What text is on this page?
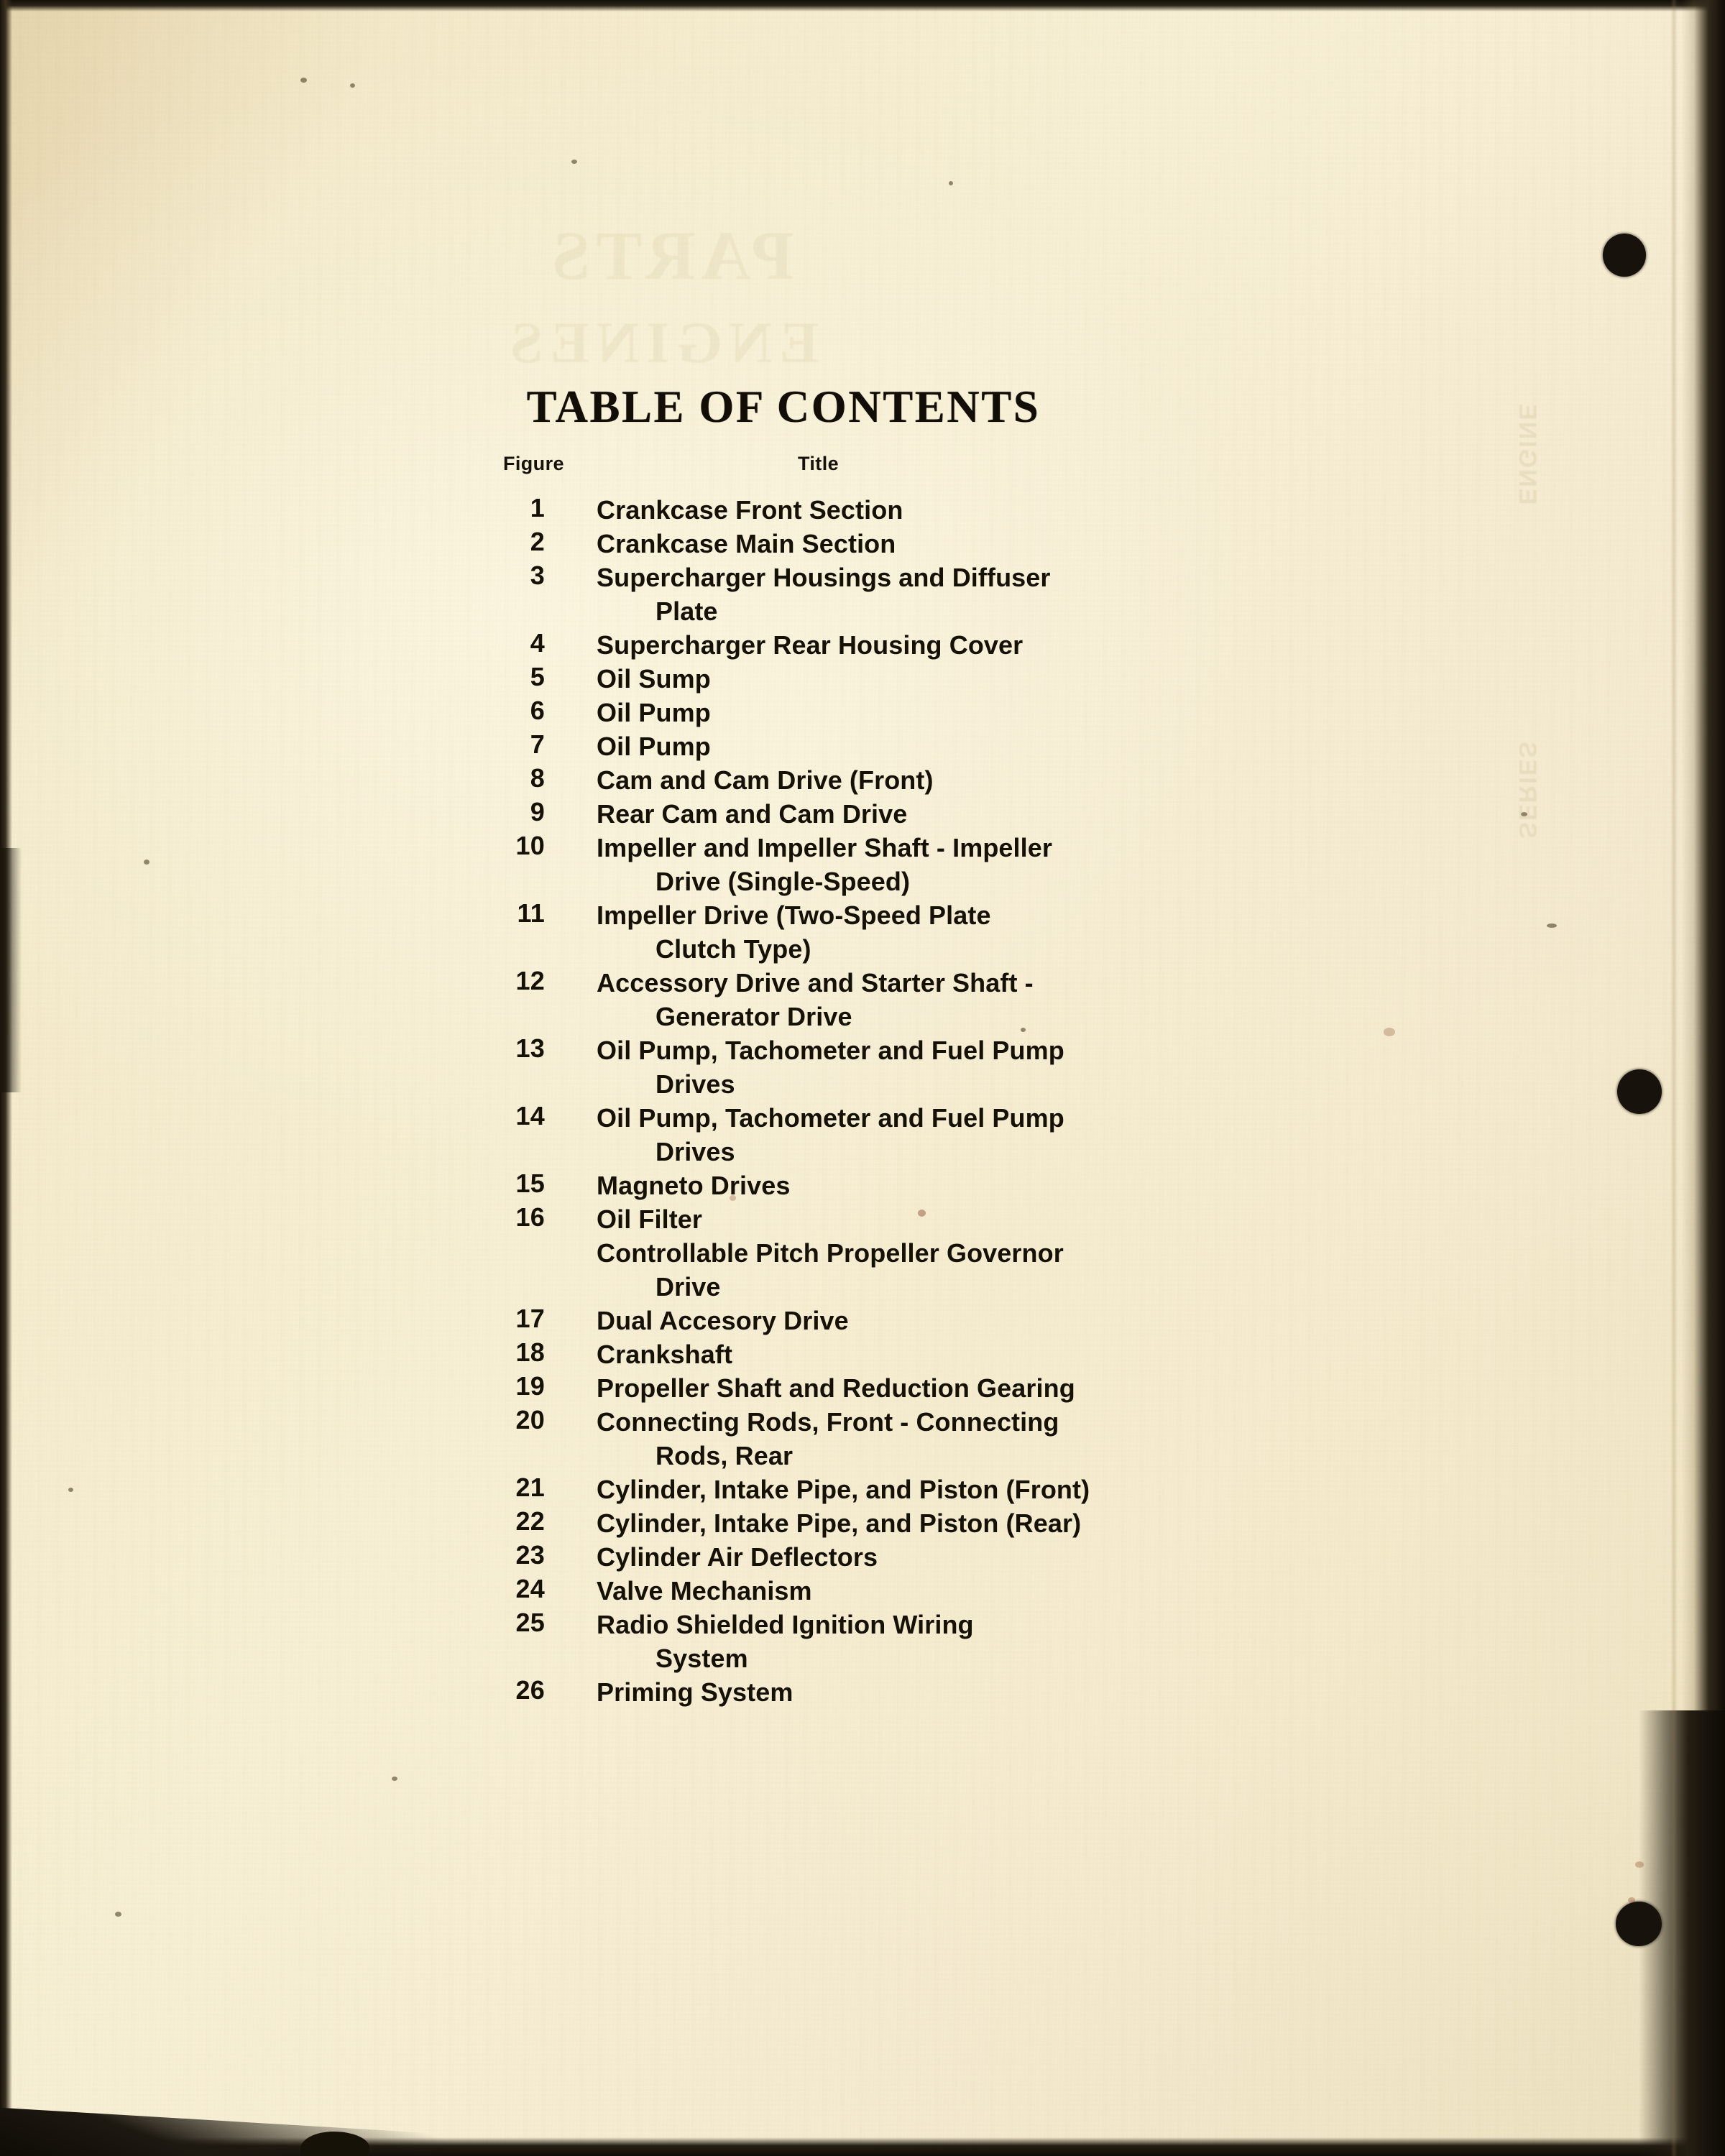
PARTS
ENGINES
TABLE OF CONTENTS
Figure	Title
1 Crankcase Front Section
2 Crankcase Main Section
3 Supercharger Housings and Diffuser
Plate
4 Supercharger Rear Housing Cover
5 Oil Sump
6 Oil Pump
7 Oil Pump
8 Cam and Cam Drive (Front)
9 Rear Cam and Cam Drive
10 Impeller and Impeller Shaft - Impeller
Drive (Single-Speed)
11 Impeller Drive (Two-Speed Plate
Clutch Type)
12 Accessory Drive and Starter Shaft -
Generator Drive
13 Oil Pump, Tachometer and Fuel Pump
Drives
14 Oil Pump, Tachometer and Fuel Pump
Drives
15 Magneto Drives
16 Oil Filter
Controllable Pitch Propeller Governor
Drive
17 Dual Accesory Drive
18 Crankshaft
19 Propeller Shaft and Reduction Gearing
20 Connecting Rods, Front - Connecting
Rods, Rear
21 Cylinder, Intake Pipe, and Piston (Front)
22 Cylinder, Intake Pipe, and Piston (Rear)
23 Cylinder Air Deflectors
24 Valve Mechanism
25 Radio Shielded Ignition Wiring
System
26 Priming System
ENGINE
SERIES
